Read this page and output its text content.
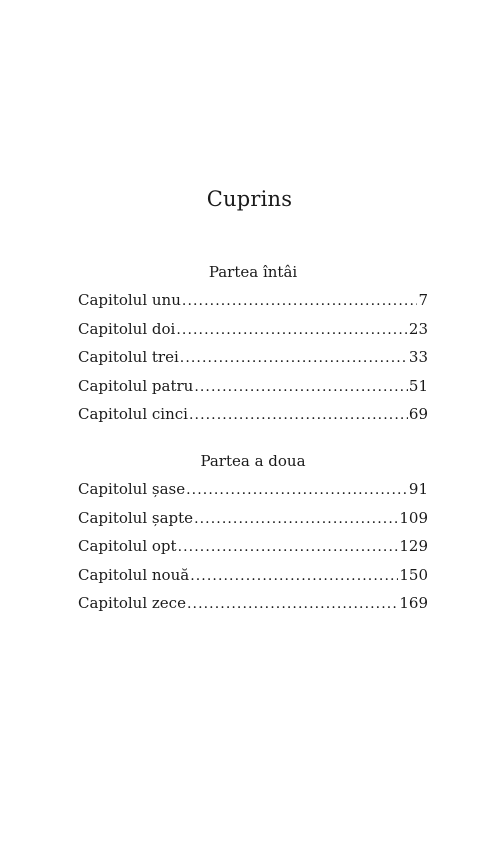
Cuprins
Partea întâi
Capitolul unu .....	7
Capitolul doi .....	23
Capitolul trei .....	33
Capitolul patru .....	51
Capitolul cinci .....	69
Partea a doua
Capitolul șase .....	91
Capitolul șapte .....	109
Capitolul opt .....	129
Capitolul nouă .....	150
Capitolul zece .....	169
